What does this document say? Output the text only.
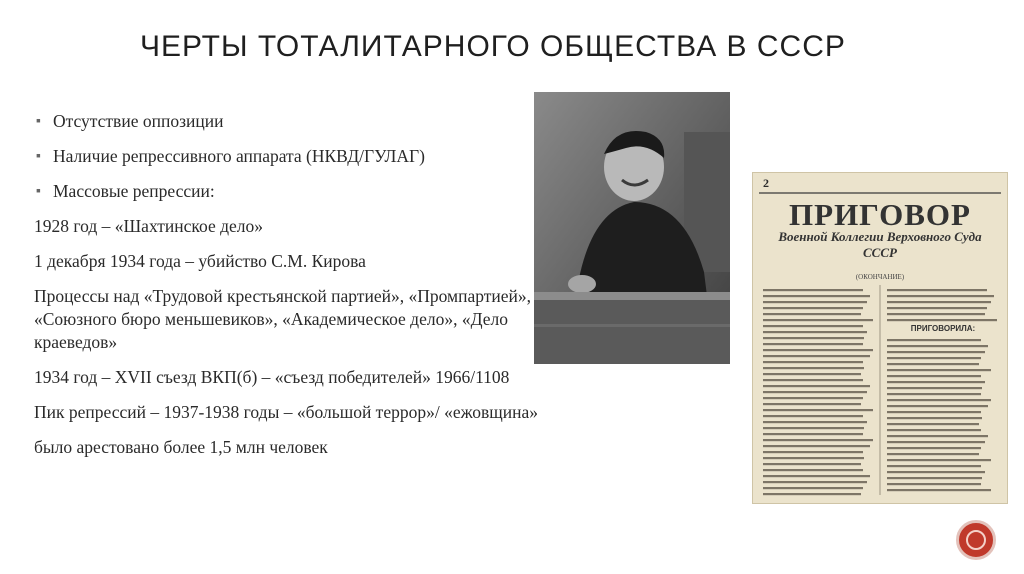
ЧЕРТЫ ТОТАЛИТАРНОГО ОБЩЕСТВА В СССР
▪ Отсутствие оппозиции
▪ Наличие репрессивного аппарата (НКВД/ГУЛАГ)
▪ Массовые репрессии:
1928 год – «Шахтинское дело»
1 декабря 1934 года – убийство С.М. Кирова
Процессы над «Трудовой крестьянской партией», «Промпартией», «Союзного бюро меньшевиков», «Академическое дело», «Дело краеведов»
1934 год – XVII съезд ВКП(б) – «съезд победителей» 1966/1108
Пик репрессий – 1937-1938 годы – «большой террор»/ «ежовщина»
было арестовано более 1,5 млн человек
2
ПРИГОВОР
Военной Коллегии Верховного Суда СССР
(ОКОНЧАНИЕ)
ПРИГОВОРИЛА:
